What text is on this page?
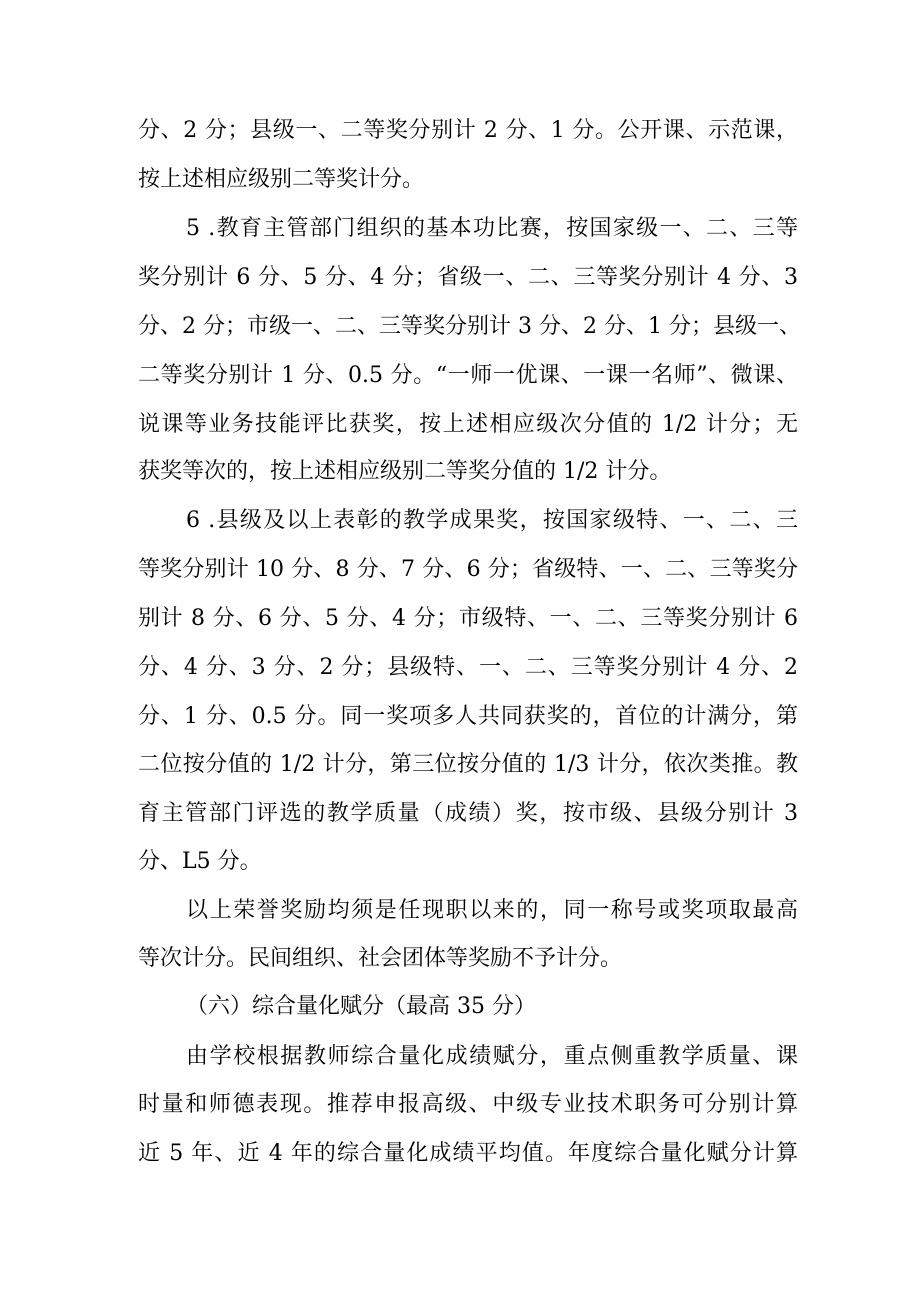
分、2 分；县级一、二等奖分别计 2 分、1 分。公开课、示范课，
按上述相应级别二等奖计分。
5 .教育主管部门组织的基本功比赛，按国家级一、二、三等
奖分别计 6 分、5 分、4 分；省级一、二、三等奖分别计 4 分、3
分、2 分；市级一、二、三等奖分别计 3 分、2 分、1 分；县级一、
二等奖分别计 1 分、0.5 分。“一师一优课、一课一名师”、微课、
说课等业务技能评比获奖，按上述相应级次分值的 1/2 计分；无
获奖等次的，按上述相应级别二等奖分值的 1/2 计分。
6 .县级及以上表彰的教学成果奖，按国家级特、一、二、三
等奖分别计 10 分、8 分、7 分、6 分；省级特、一、二、三等奖分
别计 8 分、6 分、5 分、4 分；市级特、一、二、三等奖分别计 6
分、4 分、3 分、2 分；县级特、一、二、三等奖分别计 4 分、2
分、1 分、0.5 分。同一奖项多人共同获奖的，首位的计满分，第
二位按分值的 1/2 计分，第三位按分值的 1/3 计分，依次类推。教
育主管部门评选的教学质量（成绩）奖，按市级、县级分别计 3
分、L5 分。
以上荣誉奖励均须是任现职以来的，同一称号或奖项取最高
等次计分。民间组织、社会团体等奖励不予计分。
（六）综合量化赋分（最高 35 分）
由学校根据教师综合量化成绩赋分，重点侧重教学质量、课
时量和师德表现。推荐申报高级、中级专业技术职务可分别计算
近 5 年、近 4 年的综合量化成绩平均值。年度综合量化赋分计算
